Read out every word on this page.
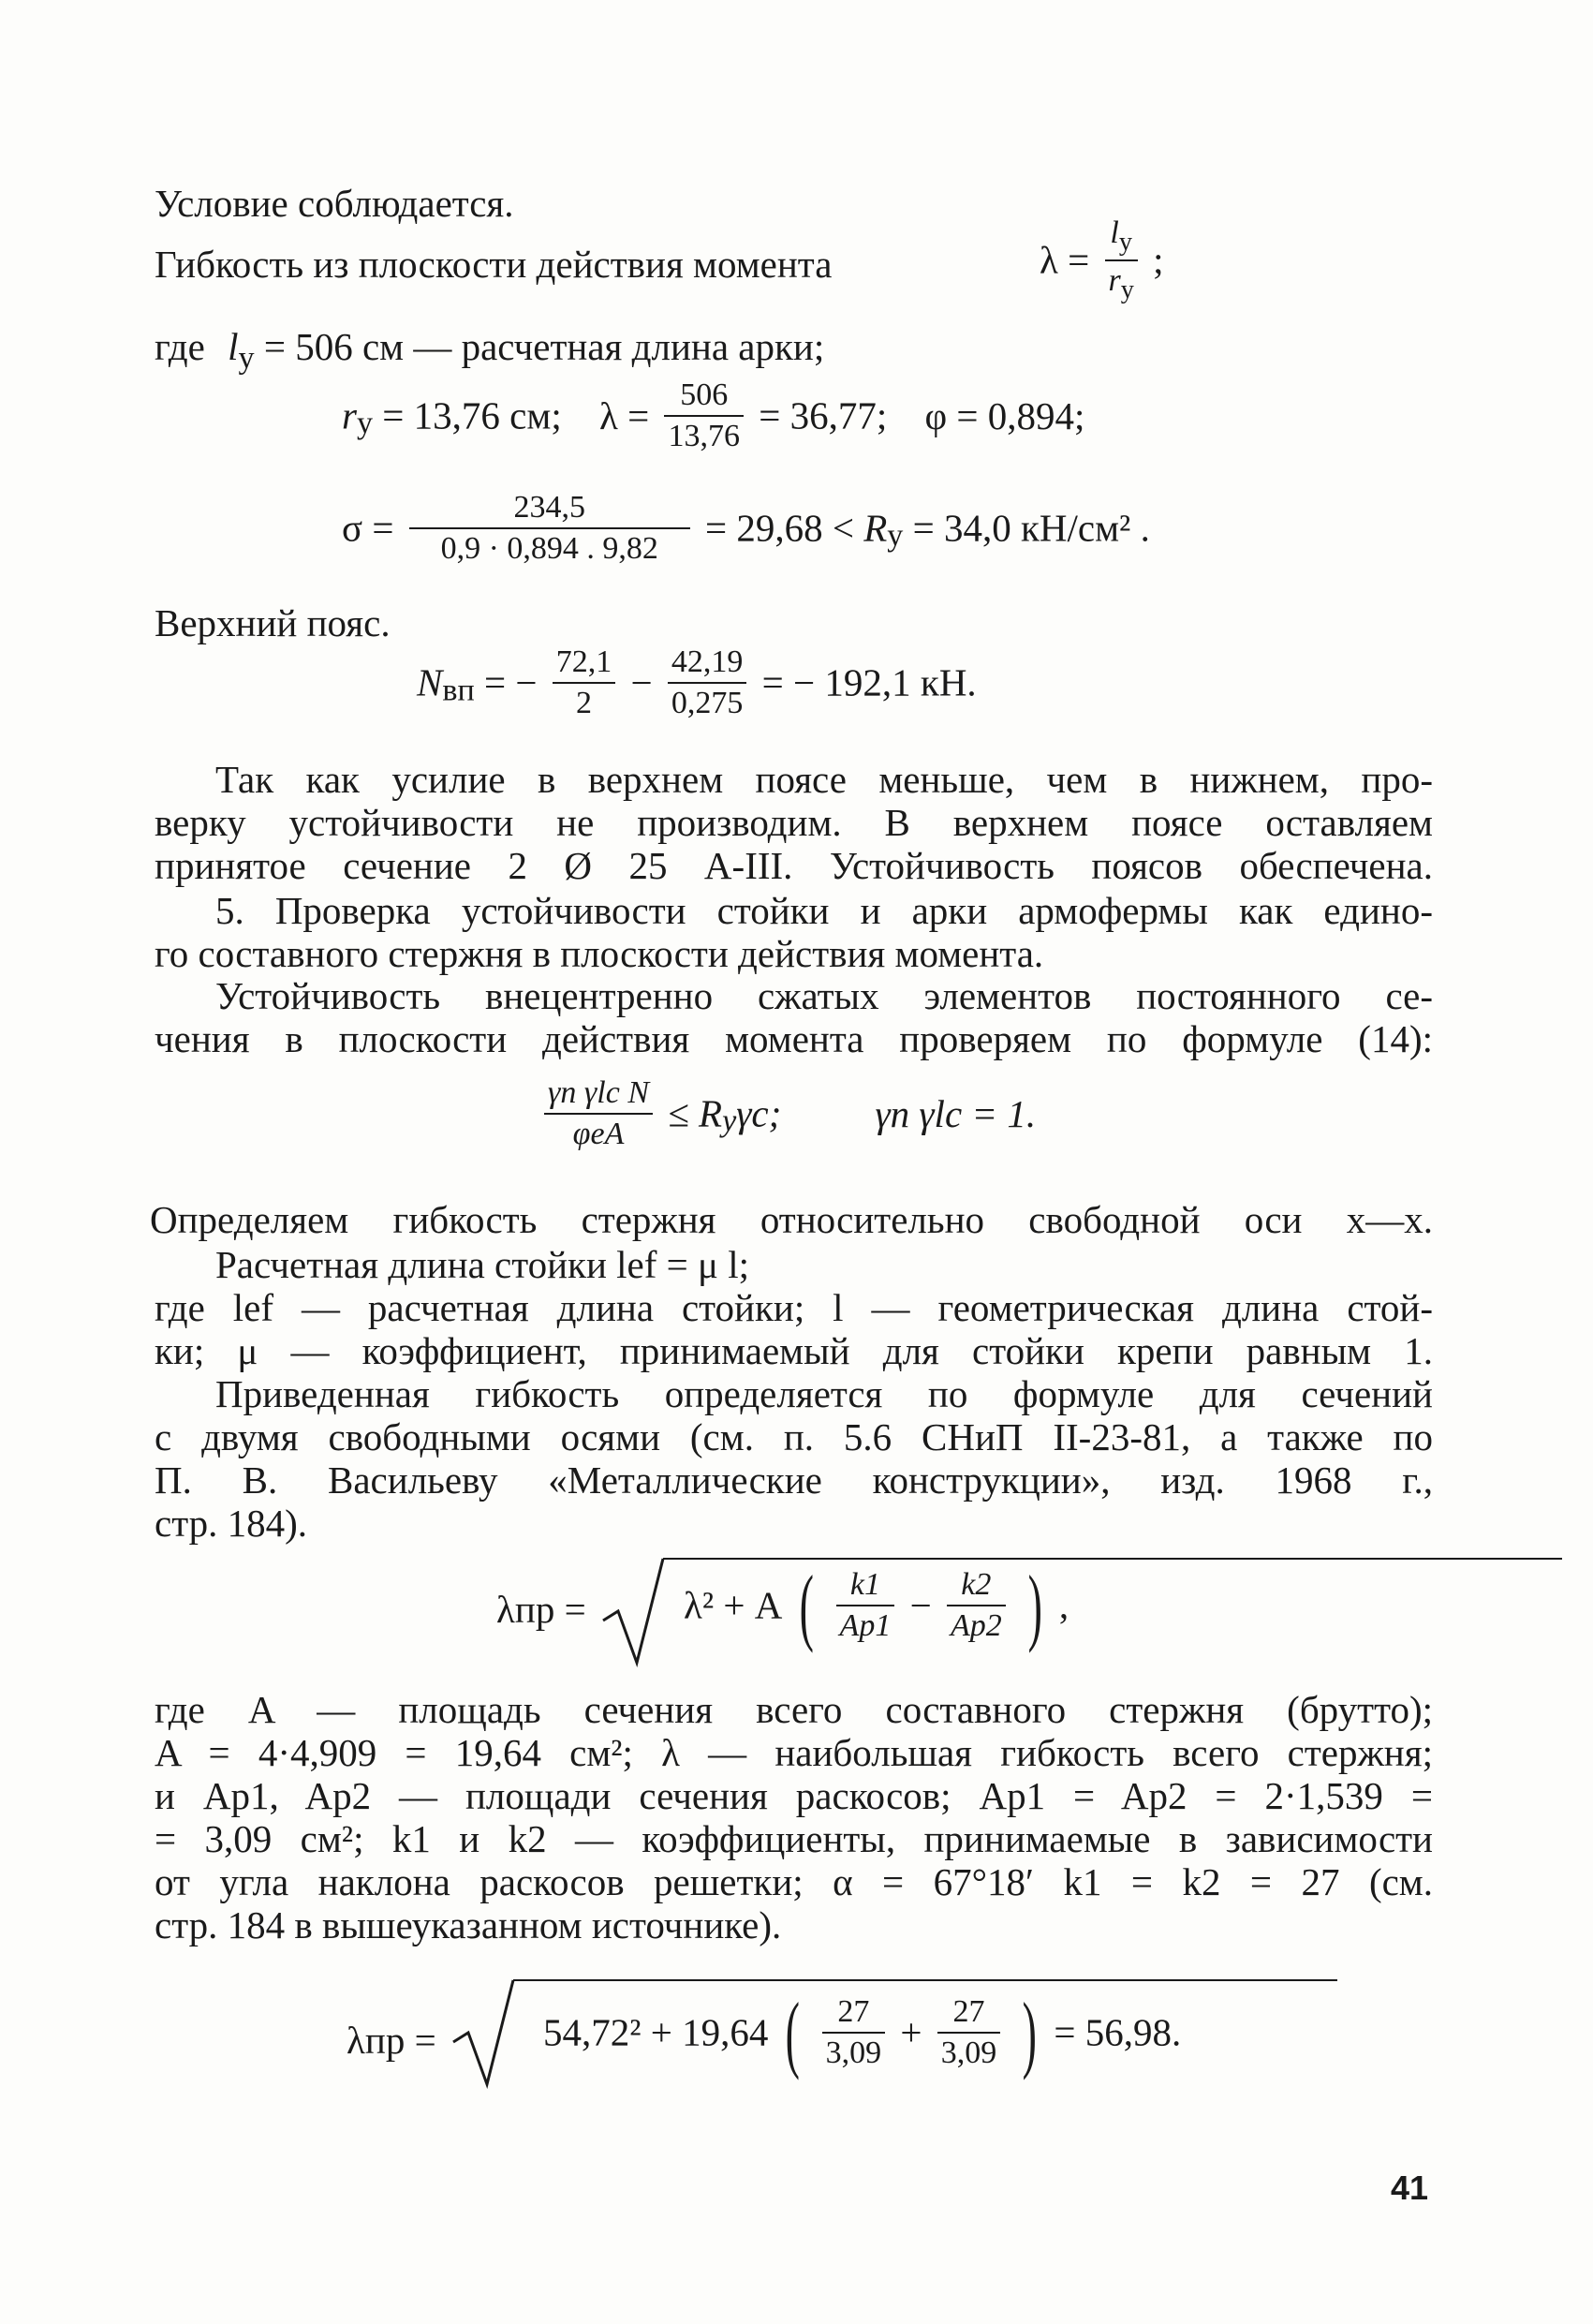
Условие соблюдается.
Гибкость из плоскости действия момента	$\lambda = \frac{l_y}{r_y}$ ;
где $l_y = 506$ см — расчетная длина арки;
$r_y = 13,76$ см; $\lambda = \frac{506}{13,76} = 36,77$; φ = 0,894;
$\sigma = \frac{234,5}{0,9 \cdot 0,894 . 9,82} = 29,68 < R_y = 34,0$ кН/см² .
Верхний пояс.
$N_{вп}$ = − $\frac{72,1}{2} - \frac{42,19}{0,275}$ = − 192,1 кН.
Так как усилие в верхнем поясе меньше, чем в нижнем, про-
верку устойчивости не производим. В верхнем поясе оставляем
принятое сечение 2 Ø 25 А-III. Устойчивость поясов обеспечена.
5. Проверка устойчивости стойки и арки армофермы как едино-
го составного стержня в плоскости действия момента.
Устойчивость внецентренно сжатых элементов постоянного се-
чения в плоскости действия момента проверяем по формуле (14):
$\frac{\text{γn γlc N}}{\text{φeA}} \le R_y\gamma c$; γn γlc = 1.
Определяем гибкость стержня относительно свободной оси x—x.
Расчетная длина стойки lef = μ l;
где lef — расчетная длина стойки; l — геометрическая длина стой-
ки; μ — коэффициент, принимаемый для стойки крепи равным 1.
Приведенная гибкость определяется по формуле для сечений
с двумя свободными осями (см. п. 5.6 СНиП II-23-81, а также по
П. В. Васильеву «Металлические конструкции», изд. 1968 г.,
стр. 184).
λпр =	λ² + A ( $\frac{k1}{Ap1} - \frac{k2}{Ap2}$ ) ,
где A — площадь сечения всего составного стержня (брутто);
A = 4·4,909 = 19,64 см²; λ — наибольшая гибкость всего стержня;
и Ap1, Ap2 — площади сечения раскосов; Ap1 = Ap2 = 2·1,539 =
= 3,09 см²; k1 и k2 — коэффициенты, принимаемые в зависимости
от угла наклона раскосов решетки; α = 67°18′ k1 = k2 = 27 (см.
стр. 184 в вышеуказанном источнике).
λпр =	54,72² + 19,64 ( $\frac{27}{3,09} + \frac{27}{3,09}$ ) = 56,98.
41
